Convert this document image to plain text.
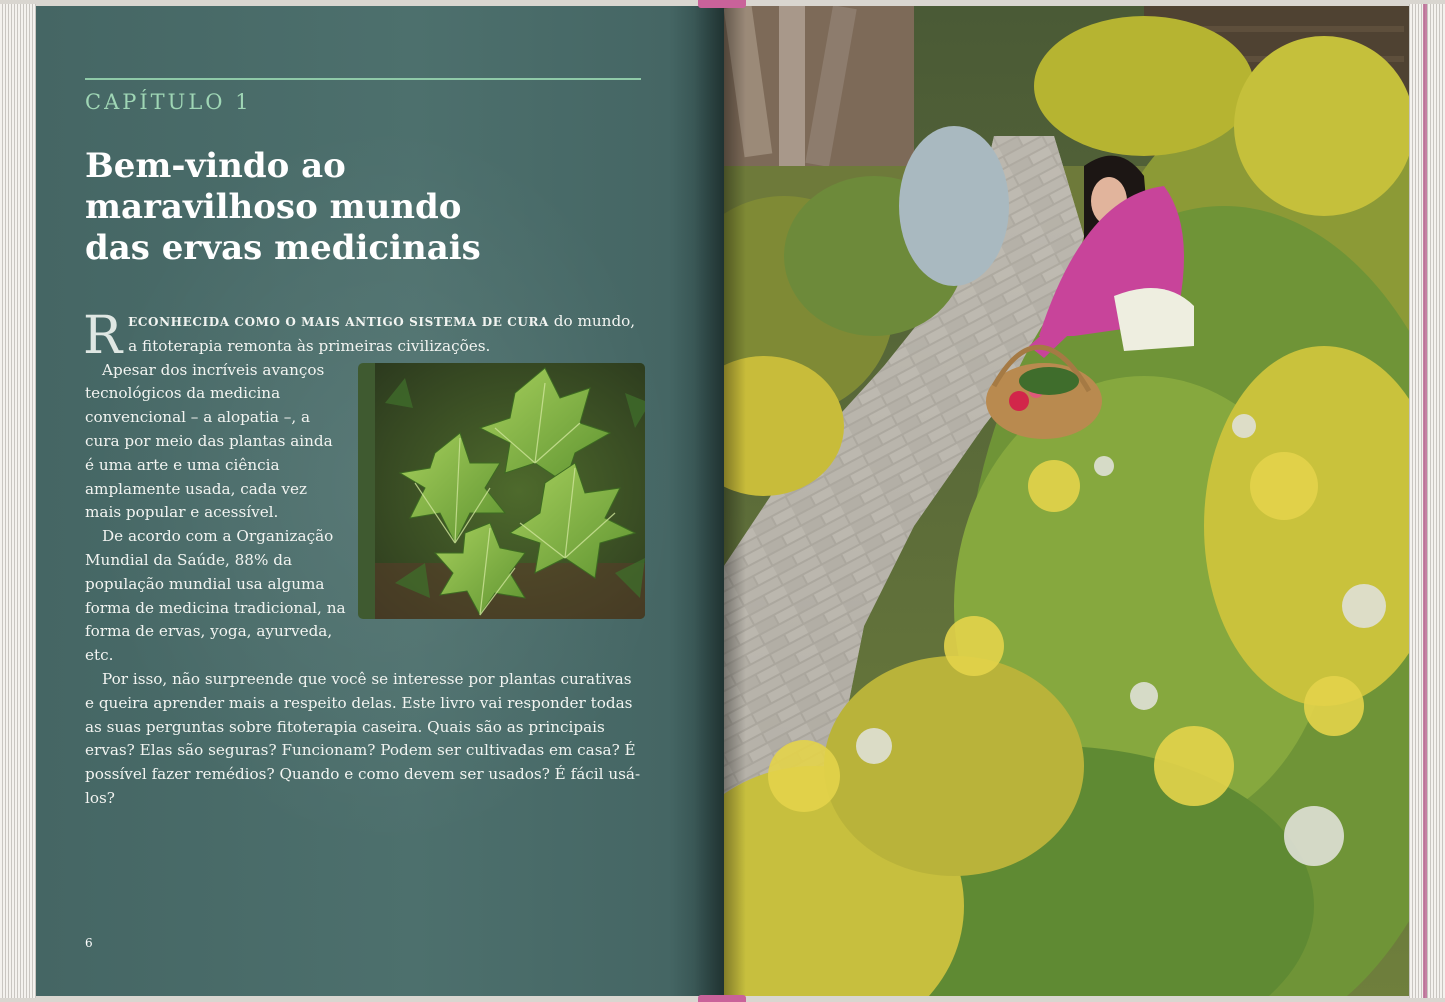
CAPÍTULO 1
Bem-vindo ao
maravilhoso mundo
das ervas medicinais

RECONHECIDA COMO O MAIS ANTIGO SISTEMA DE CURA do mundo, a fitoterapia remonta às primeiras civilizações.

Apesar dos incríveis avanços tecnológicos da medicina convencional – a alopatia –, a cura por meio das plantas ainda é uma arte e uma ciência amplamente usada, cada vez mais popular e acessível.

De acordo com a Organização Mundial da Saúde, 88% da população mundial usa alguma forma de medicina tradicional, na forma de ervas, yoga, ayurveda, etc.

Por isso, não surpreende que você se interesse por plantas curativas e queira aprender mais a respeito delas. Este livro vai responder todas as suas perguntas sobre fitoterapia caseira. Quais são as principais ervas? Elas são seguras? Funcionam? Podem ser cultivadas em casa? É possível fazer remédios? Quando e como devem ser usados? É fácil usá-los?

6
